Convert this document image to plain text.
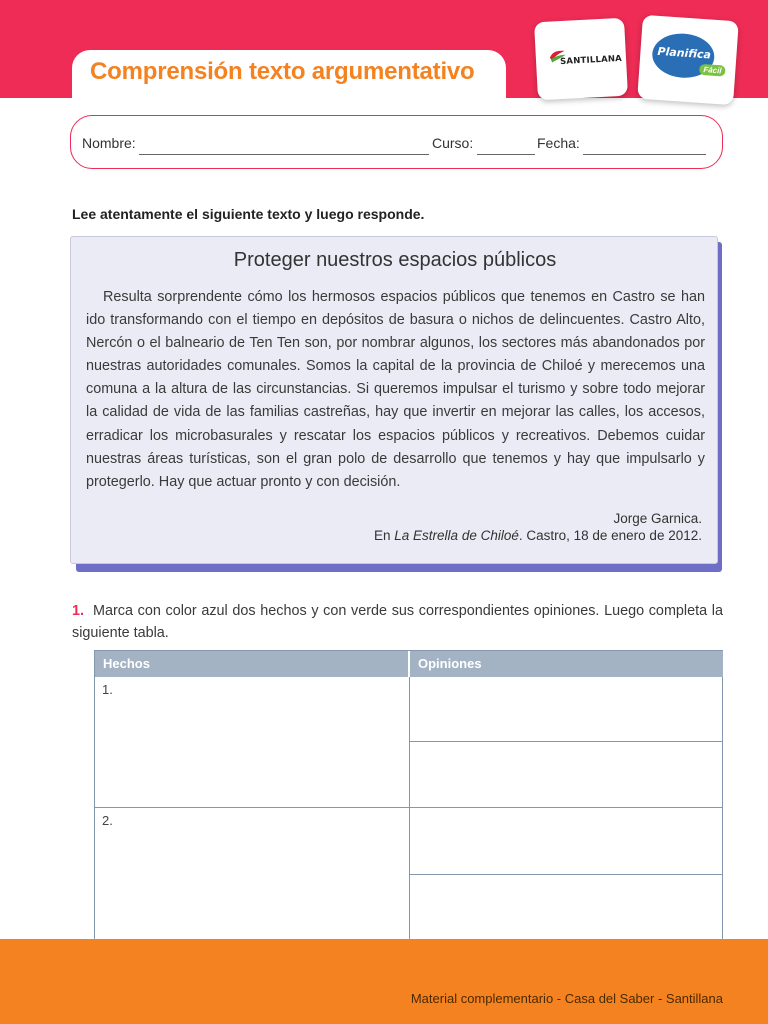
Comprensión texto argumentativo	SANTILLANA	Planifica
Fácil
Nombre:	Curso:	Fecha:

Lee atentamente el siguiente texto y luego responde.

Proteger nuestros espacios públicos

Resulta sorprendente cómo los hermosos espacios públicos que tenemos en Castro se han ido transformando con el tiempo en depósitos de basura o nichos de delincuentes. Castro Alto, Nercón o el balneario de Ten Ten son, por nombrar algunos, los sectores más abandonados por nuestras autoridades comunales. Somos la capital de la provincia de Chiloé y merecemos una comuna a la altura de las circunstancias. Si queremos impulsar el turismo y sobre todo mejorar la calidad de vida de las familias castreñas, hay que invertir en mejorar las calles, los accesos, erradicar los microbasurales y rescatar los espacios públicos y recreativos. Debemos cuidar nuestras áreas turísticas, son el gran polo de desarrollo que tenemos y hay que impulsarlo y protegerlo. Hay que actuar pronto y con decisión.

Jorge Garnica.
En La Estrella de Chiloé. Castro, 18 de enero de 2012.
1. Marca con color azul dos hechos y con verde sus correspondientes opiniones. Luego completa la siguiente tabla.
Hechos	Opiniones
1.
2.
Material complementario - Casa del Saber - Santillana
